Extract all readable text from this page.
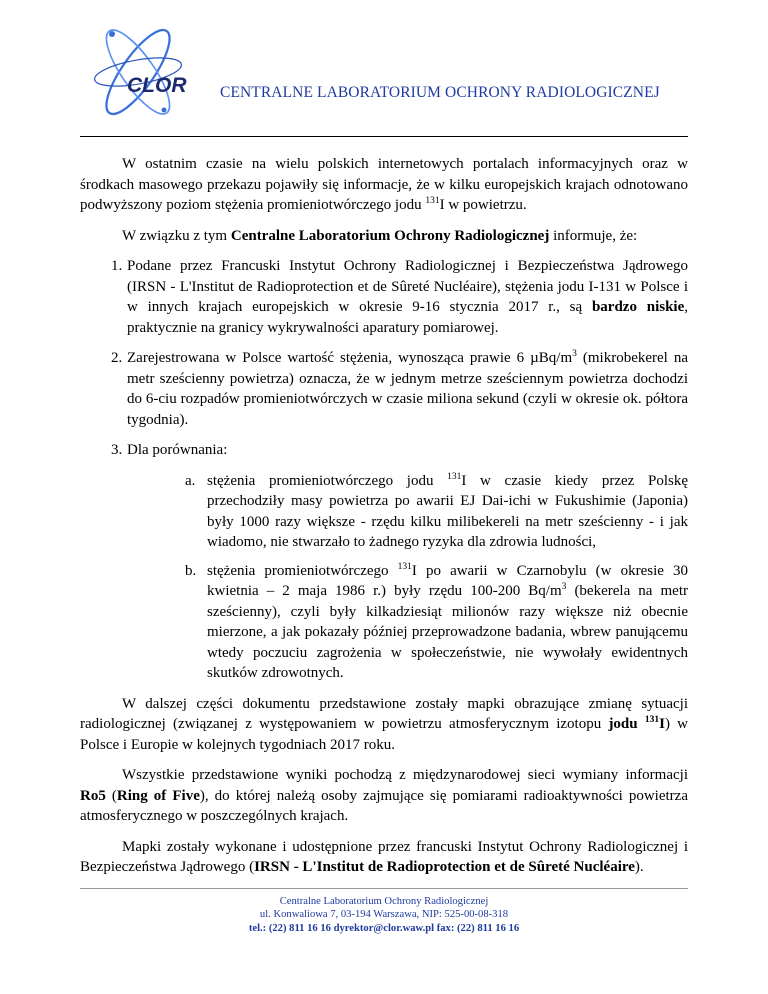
CLOR CENTRALNE LABORATORIUM OCHRONY RADIOLOGICZNEJ

W ostatnim czasie na wielu polskich internetowych portalach informacyjnych oraz w środkach masowego przekazu pojawiły się informacje, że w kilku europejskich krajach odnotowano podwyższony poziom stężenia promieniotwórczego jodu $^{131}$I w powietrzu.

W związku z tym Centralne Laboratorium Ochrony Radiologicznej informuje, że:

1. Podane przez Francuski Instytut Ochrony Radiologicznej i Bezpieczeństwa Jądrowego (IRSN - L'Institut de Radioprotection et de Sûreté Nucléaire), stężenia jodu I-131 w Polsce i w innych krajach europejskich w okresie 9-16 stycznia 2017 r., są bardzo niskie, praktycznie na granicy wykrywalności aparatury pomiarowej.
2. Zarejestrowana w Polsce wartość stężenia, wynosząca prawie 6 µBq/$m^3$ (mikrobekerel na metr sześcienny powietrza) oznacza, że w jednym metrze sześciennym powietrza dochodzi do 6-ciu rozpadów promieniotwórczych w czasie miliona sekund (czyli w okresie ok. półtora tygodnia).
3. Dla porównania:
a. stężenia promieniotwórczego jodu $^{131}$I w czasie kiedy przez Polskę przechodziły masy powietrza po awarii EJ Dai-ichi w Fukushimie (Japonia) były 1000 razy większe - rzędu kilku milibekereli na metr sześcienny - i jak wiadomo, nie stwarzało to żadnego ryzyka dla zdrowia ludności,
b. stężenia promieniotwórczego $^{131}$I po awarii w Czarnobylu (w okresie 30 kwietnia – 2 maja 1986 r.) były rzędu 100-200 $Bq/m^3$ (bekerela na metr sześcienny), czyli były kilkadziesiąt milionów razy większe niż obecnie mierzone, a jak pokazały później przeprowadzone badania, wbrew panującemu wtedy poczuciu zagrożenia w społeczeństwie, nie wywołały ewidentnych skutków zdrowotnych.

W dalszej części dokumentu przedstawione zostały mapki obrazujące zmianę sytuacji radiologicznej (związanej z występowaniem w powietrzu atmosferycznym izotopu jodu $^{131}$I) w Polsce i Europie w kolejnych tygodniach 2017 roku.

Wszystkie przedstawione wyniki pochodzą z międzynarodowej sieci wymiany informacji Ro5 (Ring of Five), do której należą osoby zajmujące się pomiarami radioaktywności powietrza atmosferycznego w poszczególnych krajach.

Mapki zostały wykonane i udostępnione przez francuski Instytut Ochrony Radiologicznej i Bezpieczeństwa Jądrowego (IRSN - L'Institut de Radioprotection et de Sûreté Nucléaire).

Centralne Laboratorium Ochrony Radiologicznej
ul. Konwaliowa 7, 03-194 Warszawa, NIP: 525-00-08-318
tel.: (22) 811 16 16 dyrektor@clor.waw.pl fax: (22) 811 16 16
